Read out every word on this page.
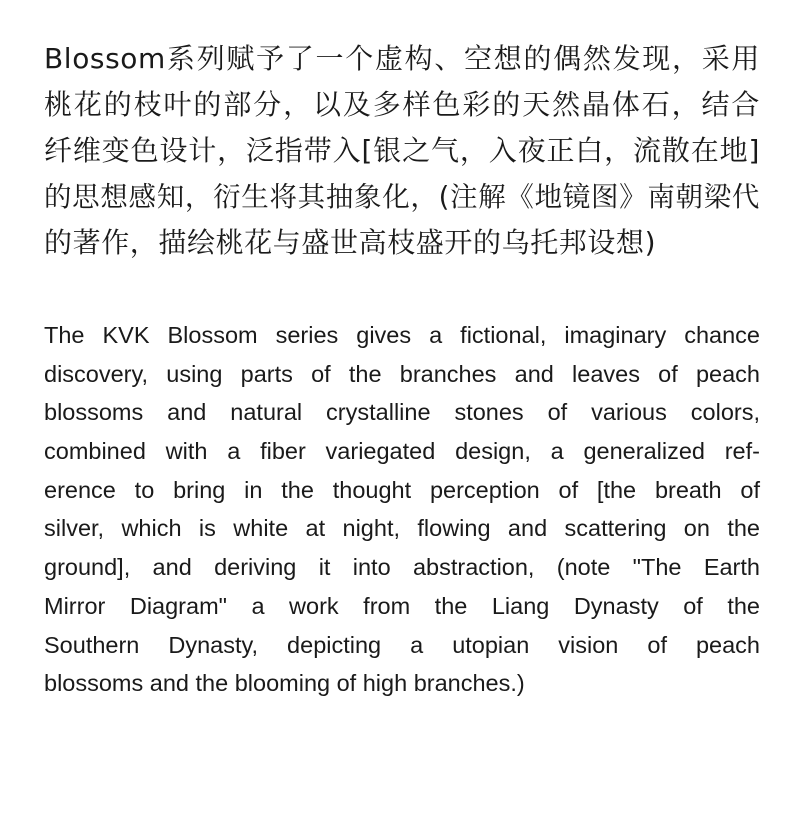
Blossom系列赋予了一个虚构、空想的偶然发现，采用
桃花的枝叶的部分，以及多样色彩的天然晶体石，结合
纤维变色设计，泛指带入[银之气，入夜正白，流散在地]
的思想感知，衍生将其抽象化，(注解《地镜图》南朝梁代
的著作，描绘桃花与盛世高枝盛开的乌托邦设想)
The KVK Blossom series gives a fictional, imaginary chance
discovery, using parts of the branches and leaves of peach
blossoms and natural crystalline stones of various colors,
combined with a fiber variegated design, a generalized ref-
erence to bring in the thought perception of [the breath of
silver, which is white at night, flowing and scattering on the
ground], and deriving it into abstraction, (note "The Earth
Mirror Diagram" a work from the Liang Dynasty of the
Southern Dynasty, depicting a utopian vision of peach
blossoms and the blooming of high branches.)
